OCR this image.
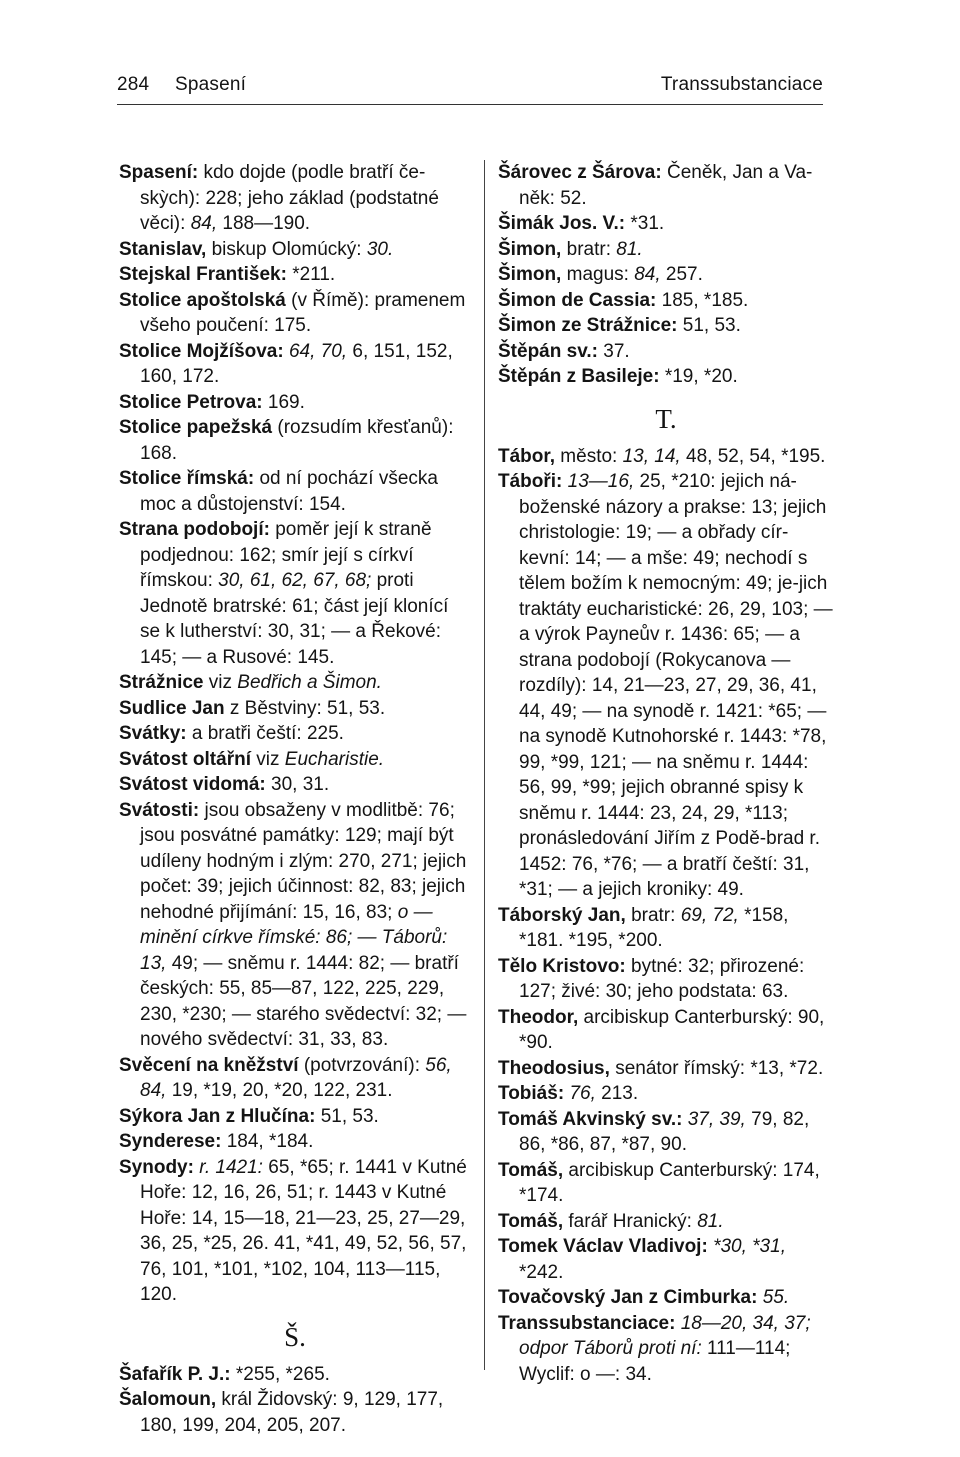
284 Spasení	Transsubstanciace

Spasení: kdo dojde (podle bratří če-skỳch): 228; jeho základ (podstatné věci): 84, 188—190.

Stanislav, biskup Olomúcký: 30.

Stejskal František: *211.

Stolice apoštolská (v Římě): pramenem všeho poučení: 175.

Stolice Mojžíšova: 64, 70, 6, 151, 152, 160, 172.

Stolice Petrova: 169.

Stolice papežská (rozsudím křesťanů): 168.

Stolice římská: od ní pochází všecka moc a důstojenství: 154.

Strana podobojí: poměr její k straně podjednou: 162; smír její s církví římskou: 30, 61, 62, 67, 68; proti Jednotě bratrské: 61; část její klonící se k lutherství: 30, 31; — a Řekové: 145; — a Rusové: 145.

Strážnice viz Bedřich a Šimon.

Sudlice Jan z Běstviny: 51, 53.

Svátky: a bratři čeští: 225.

Svátost oltářní viz Eucharistie.

Svátost vidomá: 30, 31.

Svátosti: jsou obsaženy v modlitbě: 76; jsou posvátné památky: 129; mají být udíleny hodným i zlým: 270, 271; jejich počet: 39; jejich účinnost: 82, 83; jejich nehodné přijímání: 15, 16, 83; o — minění církve římské: 86; — Táborů: 13, 49; — sněmu r. 1444: 82; — bratří českých: 55, 85—87, 122, 225, 229, 230, *230; — starého svědectví: 32; — nového svědectví: 31, 33, 83.

Svěcení na kněžství (potvrzování): 56, 84, 19, *19, 20, *20, 122, 231.

Sýkora Jan z Hlučína: 51, 53.

Synderese: 184, *184.

Synody: r. 1421: 65, *65; r. 1441 v Kutné Hoře: 12, 16, 26, 51; r. 1443 v Kutné Hoře: 14, 15—18, 21—23, 25, 27—29, 36, 25, *25, 26. 41, *41, 49, 52, 56, 57, 76, 101, *101, *102, 104, 113—115, 120.

Š.

Šafařík P. J.: *255, *265.

Šalomoun, král Židovský: 9, 129, 177, 180, 199, 204, 205, 207.

Šárovec z Šárova: Čeněk, Jan a Va-něk: 52.

Šimák Jos. V.: *31.

Šimon, bratr: 81.

Šimon, magus: 84, 257.

Šimon de Cassia: 185, *185.

Šimon ze Strážnice: 51, 53.

Štěpán sv.: 37.

Štěpán z Basileje: *19, *20.

T.

Tábor, město: 13, 14, 48, 52, 54, *195.

Táboři: 13—16, 25, *210: jejich ná-boženské názory a prakse: 13; jejich christologie: 19; — a obřady cír-kevní: 14; — a mše: 49; nechodí s tělem božím k nemocným: 49; je-jich traktáty eucharistické: 26, 29, 103; — a výrok Payneův r. 1436: 65; — a strana podobojí (Rokycanova — rozdíly): 14, 21—23, 27, 29, 36, 41, 44, 49; — na synodě r. 1421: *65; — na synodě Kutnohorské r. 1443: *78, 99, *99, 121; — na sněmu r. 1444: 56, 99, *99; jejich obranné spisy k sněmu r. 1444: 23, 24, 29, *113; pronásledování Jiřím z Podě-brad r. 1452: 76, *76; — a bratří čeští: 31, *31; — a jejich kroniky: 49.

Táborský Jan, bratr: 69, 72, *158, *181. *195, *200.

Tělo Kristovo: bytné: 32; přirozené: 127; živé: 30; jeho podstata: 63.

Theodor, arcibiskup Canterburský: 90, *90.

Theodosius, senátor římský: *13, *72.

Tobiáš: 76, 213.

Tomáš Akvinský sv.: 37, 39, 79, 82, 86, *86, 87, *87, 90.

Tomáš, arcibiskup Canterburský: 174, *174.

Tomáš, farář Hranický: 81.

Tomek Václav Vladivoj: *30, *31, *242.

Tovačovský Jan z Cimburka: 55.

Transsubstanciace: 18—20, 34, 37; odpor Táborů proti ní: 111—114; Wyclif: o —: 34.
